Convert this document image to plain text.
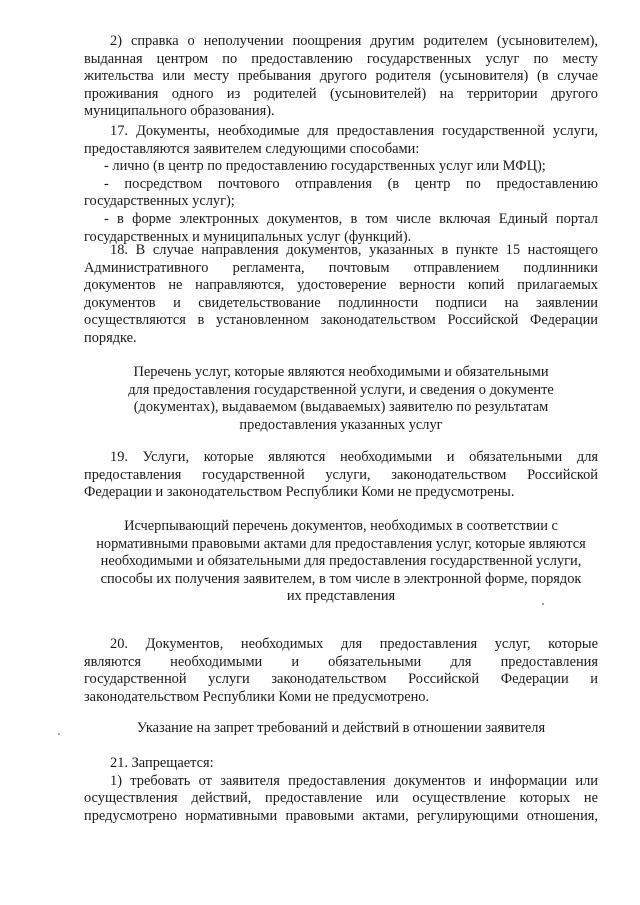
2) справка о неполучении поощрения другим родителем (усыновителем),
выданная центром по предоставлению государственных услуг по месту
жительства или месту пребывания другого родителя (усыновителя) (в случае
проживания одного из родителей (усыновителей) на территории другого
муниципального образования).
17. Документы, необходимые для предоставления государственной услуги,
предоставляются заявителем следующими способами:
- лично (в центр по предоставлению государственных услуг или МФЦ);
- посредством почтового отправления (в центр по предоставлению
государственных услуг);
- в форме электронных документов, в том числе включая Единый портал
государственных и муниципальных услуг (функций).
18. В случае направления документов, указанных в пункте 15 настоящего
Административного регламента, почтовым отправлением подлинники
документов не направляются, удостоверение верности копий прилагаемых
документов и свидетельствование подлинности подписи на заявлении
осуществляются в установленном законодательством Российской Федерации
порядке.
Перечень услуг, которые являются необходимыми и обязательными
для предоставления государственной услуги, и сведения о документе
(документах), выдаваемом (выдаваемых) заявителю по результатам
предоставления указанных услуг
19. Услуги, которые являются необходимыми и обязательными для
предоставления государственной услуги, законодательством Российской
Федерации и законодательством Республики Коми не предусмотрены.
Исчерпывающий перечень документов, необходимых в соответствии с
нормативными правовыми актами для предоставления услуг, которые являются
необходимыми и обязательными для предоставления государственной услуги,
способы их получения заявителем, в том числе в электронной форме, порядок
их представления
20. Документов, необходимых для предоставления услуг, которые
являются необходимыми и обязательными для предоставления
государственной услуги законодательством Российской Федерации и
законодательством Республики Коми не предусмотрено.
Указание на запрет требований и действий в отношении заявителя
21. Запрещается:
1) требовать от заявителя предоставления документов и информации или
осуществления действий, предоставление или осуществление которых не
предусмотрено нормативными правовыми актами, регулирующими отношения,
